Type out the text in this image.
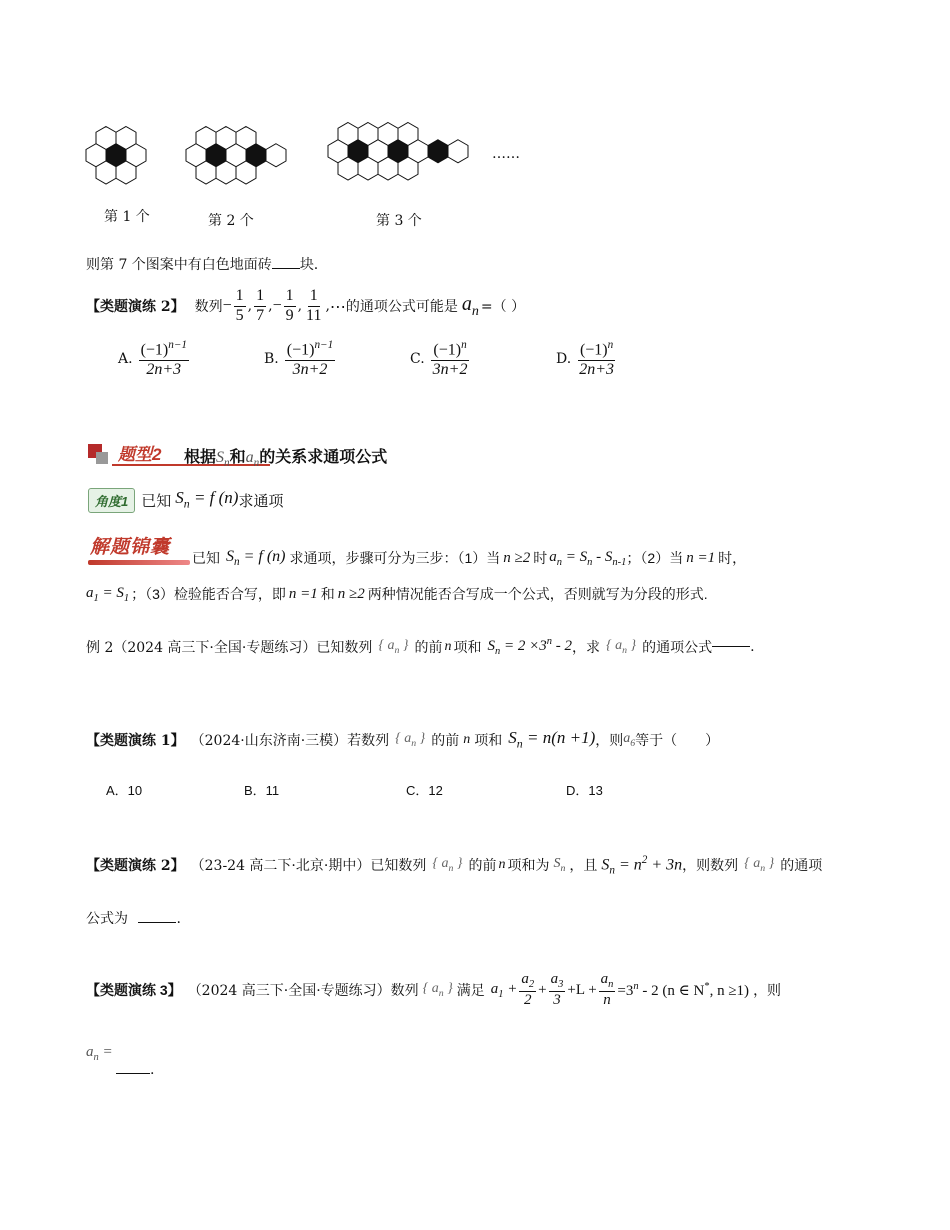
第 1 个	第 2 个	第 3 个
……
则第 7 个图案中有白色地面砖 块.
【类题演练 2】 数列 − $\frac{1}{5}$ , $\frac{1}{7}$ , − $\frac{1}{9}$ , $\frac{1}{11}$ , ⋯ 的通项公式可能是 $a_n$ =（ ）
A. $\frac{(-1)^{n-1}}{2n+3}$	B. $\frac{(-1)^{n-1}}{3n+2}$	C. $\frac{(-1)^n}{3n+2}$	D. $\frac{(-1)^n}{2n+3}$
题型2 根据$S_n$和$a_n$的关系求通项公式
角度1 已知 $S_n = f$ (n) 求通项
解题锦囊
已知 $S_n = f$ (n) 求通项，步骤可分为三步：（1）当 n ≥2 时 $a_n = S_n - S_{n-1}$ ；（2）当 n =1 时，
$a_1 = S_1$ ；（3）检验能否合写，即 n =1 和 n ≥2 两种情况能否合写成一个公式，否则就写为分段的形式.
例 2（2024 高三下·全国·专题练习）已知数列 { $a_n$ } 的前 n 项和 $S_n = 2 \times 3^n - 2$ ，求 { $a_n$ } 的通项公式	.
【类题演练 1】 （2024·山东济南·三模）若数列 { $a_n$ } 的前 n 项和 $S_n = n(n +1)$ ，则 $a_6$ 等于（　　）
A．10	B．11	C．12	D．13
【类题演练 2】 （23-24 高二下·北京·期中）已知数列 { $a_n$ } 的前 n 项和为 $S_n$ ，且 $S_n = n^2 + 3n$ ，则数列 { $a_n$ } 的通项
公式为	.
【类题演练 3】 （2024 高三下·全国·专题练习）数列 { $a_n$ } 满足 $a_1 + \frac{a_2}{2} + \frac{a_3}{3} +L + \frac{a_n}{n} =3^n - 2$ (n ∈ N*, n ≥1) ，则
$a_n$ =
.
